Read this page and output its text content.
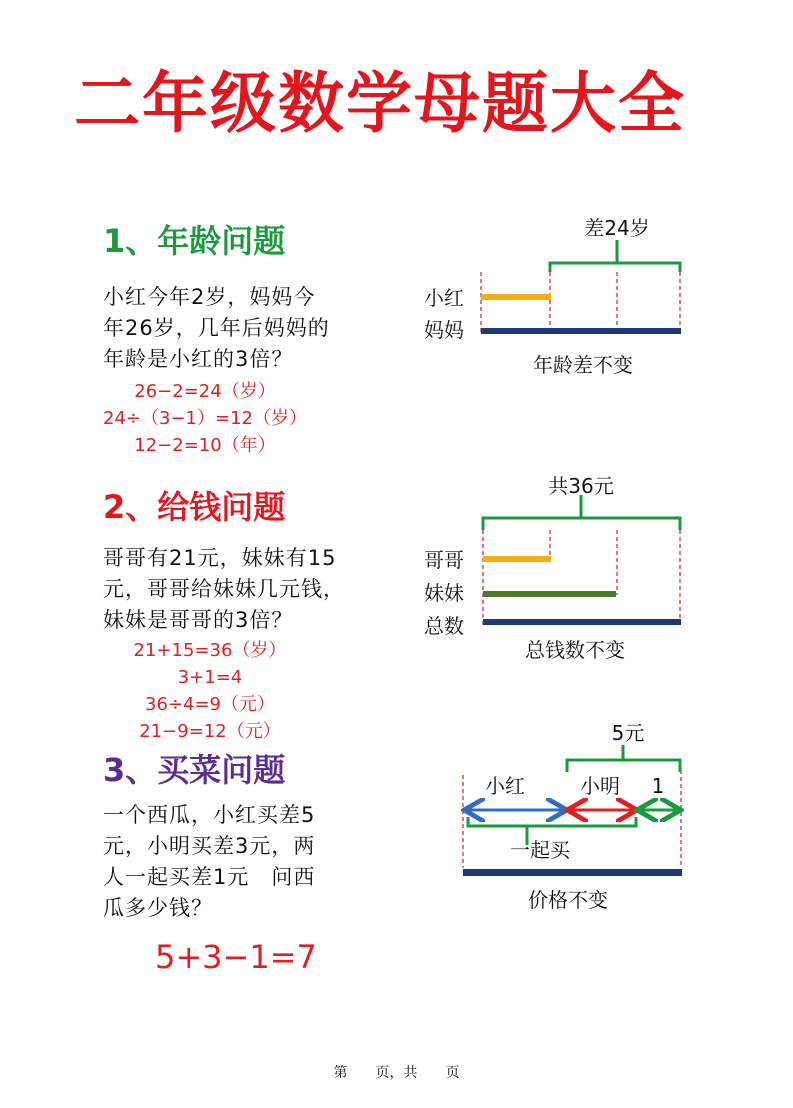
二年级数学母题大全
1、年龄问题
小红今年2岁，妈妈今
年26岁，几年后妈妈的
年龄是小红的3倍？
26−2=24（岁）
24÷（3−1）=12（岁）
12−2=10（年）
2、给钱问题
哥哥有21元，妹妹有15
元，哥哥给妹妹几元钱，
妹妹是哥哥的3倍？
21+15=36（岁）
3+1=4
36÷4=9（元）
21−9=12（元）
3、买菜问题
一个西瓜，小红买差5
元，小明买差3元，两
人一起买差1元　问西
瓜多少钱？
5+3−1=7
差24岁
小红
妈妈
年龄差不变
共36元
哥哥
妹妹
总数
总钱数不变
5元
小红	小明 1
一起买
价格不变
第　　页，共　　页
